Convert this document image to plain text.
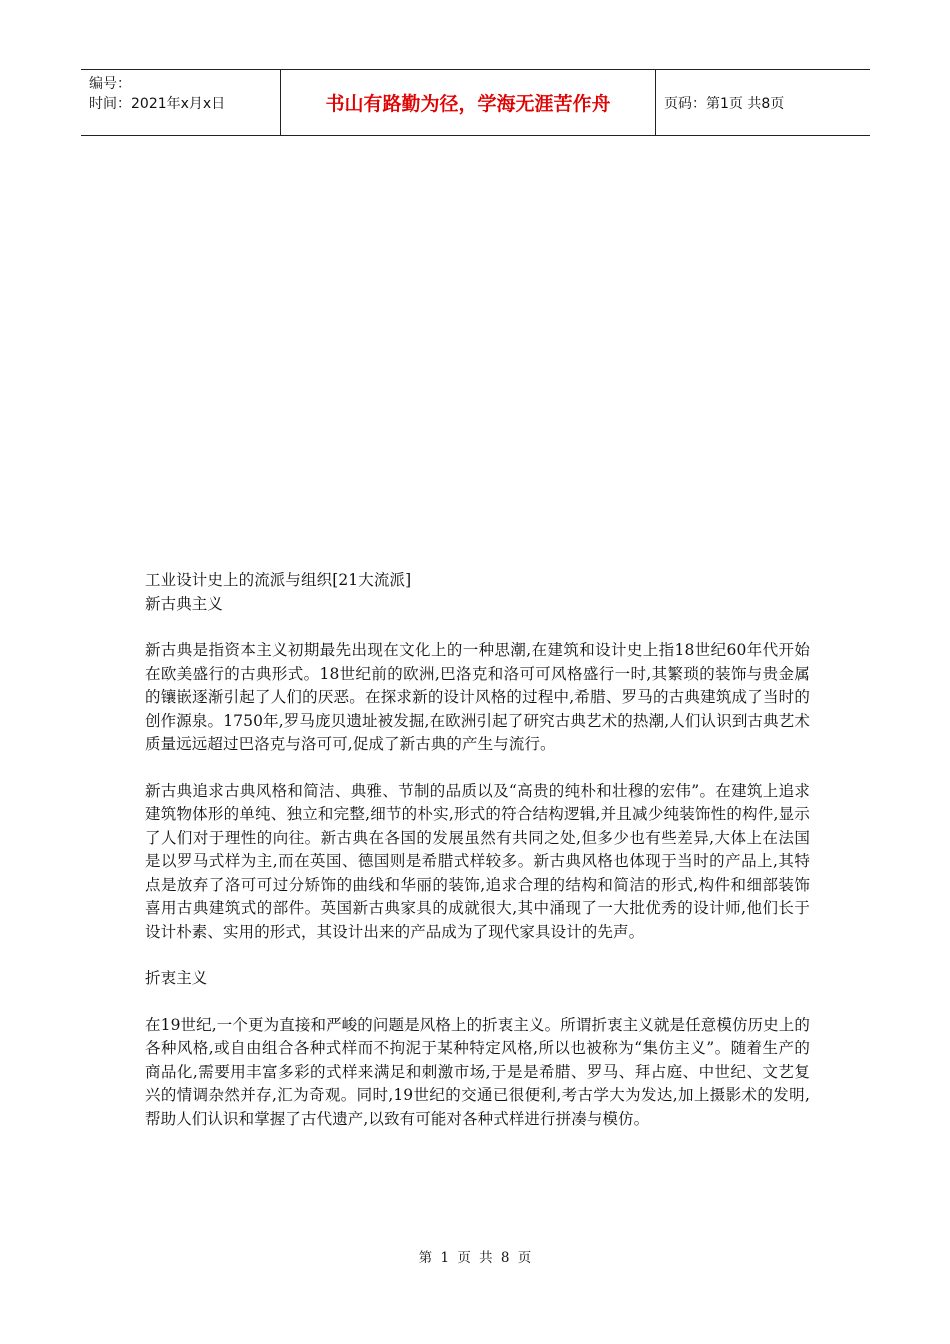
编号：
时间：2021年x月x日	书山有路勤为径，学海无涯苦作舟	页码：第1页 共8页

工业设计史上的流派与组织[21大流派]

新古典主义

新古典是指资本主义初期最先出现在文化上的一种思潮,在建筑和设计史上指18世纪60年代开始在欧美盛行的古典形式。18世纪前的欧洲,巴洛克和洛可可风格盛行一时,其繁琐的装饰与贵金属的镶嵌逐渐引起了人们的厌恶。在探求新的设计风格的过程中,希腊、罗马的古典建筑成了当时的创作源泉。1750年,罗马庞贝遗址被发掘,在欧洲引起了研究古典艺术的热潮,人们认识到古典艺术质量远远超过巴洛克与洛可可,促成了新古典的产生与流行。

新古典追求古典风格和简洁、典雅、节制的品质以及“高贵的纯朴和壮穆的宏伟”。在建筑上追求建筑物体形的单纯、独立和完整,细节的朴实,形式的符合结构逻辑,并且减少纯装饰性的构件,显示了人们对于理性的向往。新古典在各国的发展虽然有共同之处,但多少也有些差异,大体上在法国是以罗马式样为主,而在英国、德国则是希腊式样较多。新古典风格也体现于当时的产品上,其特点是放弃了洛可可过分矫饰的曲线和华丽的装饰,追求合理的结构和简洁的形式,构件和细部装饰喜用古典建筑式的部件。英国新古典家具的成就很大,其中涌现了一大批优秀的设计师,他们长于设计朴素、实用的形式，其设计出来的产品成为了现代家具设计的先声。

折衷主义

在19世纪,一个更为直接和严峻的问题是风格上的折衷主义。所谓折衷主义就是任意模仿历史上的各种风格,或自由组合各种式样而不拘泥于某种特定风格,所以也被称为“集仿主义”。随着生产的商品化,需要用丰富多彩的式样来满足和刺激市场,于是是希腊、罗马、拜占庭、中世纪、文艺复兴的情调杂然并存,汇为奇观。同时,19世纪的交通已很便利,考古学大为发达,加上摄影术的发明,帮助人们认识和掌握了古代遗产,以致有可能对各种式样进行拼凑与模仿。

第 1 页 共 8 页
